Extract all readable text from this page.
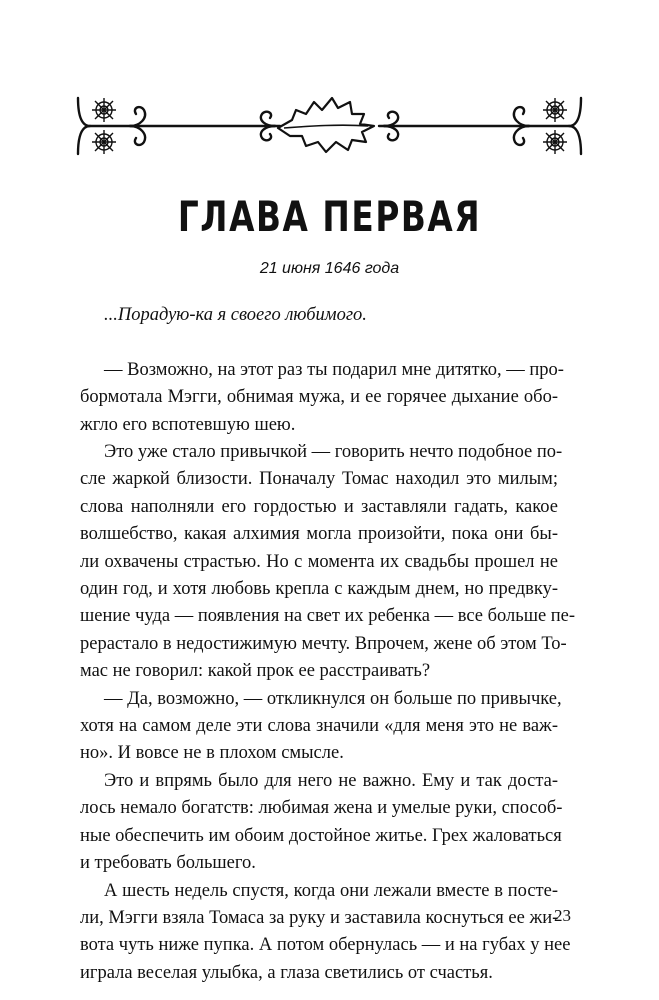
ГЛАВА ПЕРВАЯ
21 июня 1646 года
...Порадую-ка я своего любимого.
— Возможно, на этот раз ты подарил мне дитятко, — про-
бормотала Мэгги, обнимая мужа, и ее горячее дыхание обо-
жгло его вспотевшую шею.
Это уже стало привычкой — говорить нечто подобное по-
сле жаркой близости. Поначалу Томас находил это милым;
слова наполняли его гордостью и заставляли гадать, какое
волшебство, какая алхимия могла произойти, пока они бы-
ли охвачены страстью. Но с момента их свадьбы прошел не
один год, и хотя любовь крепла с каждым днем, но предвку-
шение чуда — появления на свет их ребенка — все больше пе-
рерастало в недостижимую мечту. Впрочем, жене об этом То-
мас не говорил: какой прок ее расстраивать?
— Да, возможно, — откликнулся он больше по привычке,
хотя на самом деле эти слова значили «для меня это не важ-
но». И вовсе не в плохом смысле.
Это и впрямь было для него не важно. Ему и так доста-
лось немало богатств: любимая жена и умелые руки, способ-
ные обеспечить им обоим достойное житье. Грех жаловаться
и требовать большего.
А шесть недель спустя, когда они лежали вместе в посте-
ли, Мэгги взяла Томаса за руку и заставила коснуться ее жи-
вота чуть ниже пупка. А потом обернулась — и на губах у нее
играла веселая улыбка, а глаза светились от счастья.
23
